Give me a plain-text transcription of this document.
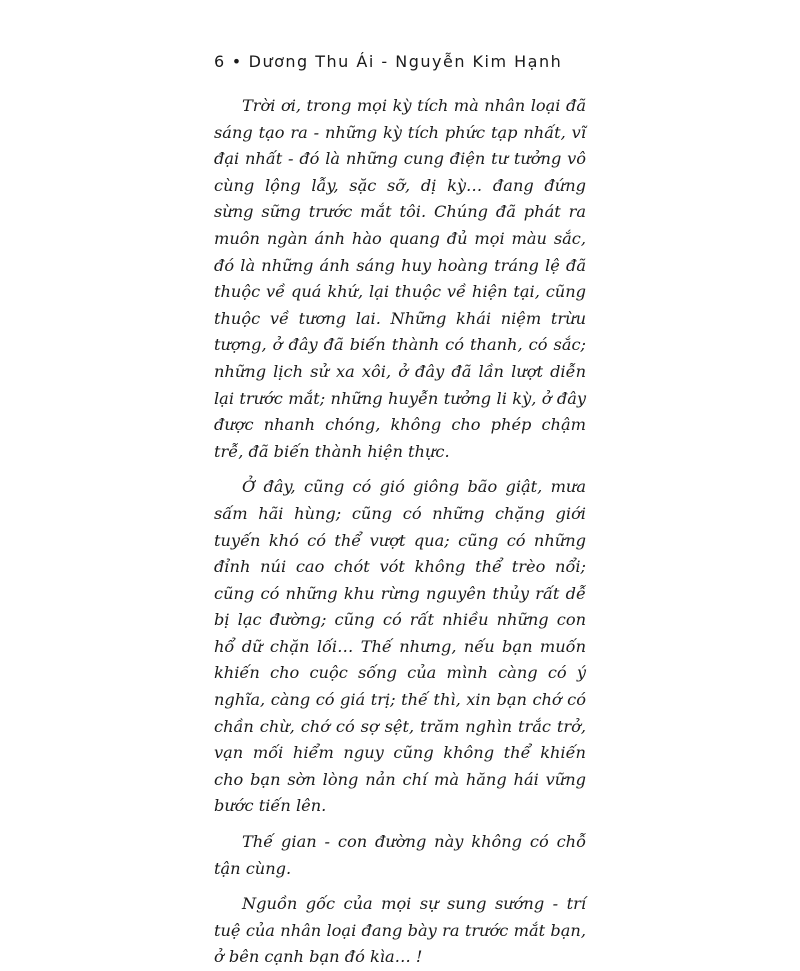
6 • Dương Thu Ái - Nguyễn Kim Hạnh

Trời ơi, trong mọi kỳ tích mà nhân loại đã sáng tạo ra - những kỳ tích phức tạp nhất, vĩ đại nhất - đó là những cung điện tư tưởng vô cùng lộng lẫy, sặc sỡ, dị kỳ… đang đứng sừng sững trước mắt tôi. Chúng đã phát ra muôn ngàn ánh hào quang đủ mọi màu sắc, đó là những ánh sáng huy hoàng tráng lệ đã thuộc về quá khứ, lại thuộc về hiện tại, cũng thuộc về tương lai. Những khái niệm trừu tượng, ở đây đã biến thành có thanh, có sắc; những lịch sử xa xôi, ở đây đã lần lượt diễn lại trước mắt; những huyễn tưởng li kỳ, ở đây được nhanh chóng, không cho phép chậm trễ, đã biến thành hiện thực.

Ở đây, cũng có gió giông bão giật, mưa sấm hãi hùng; cũng có những chặng giới tuyến khó có thể vượt qua; cũng có những đỉnh núi cao chót vót không thể trèo nổi; cũng có những khu rừng nguyên thủy rất dễ bị lạc đường; cũng có rất nhiều những con hổ dữ chặn lối… Thế nhưng, nếu bạn muốn khiến cho cuộc sống của mình càng có ý nghĩa, càng có giá trị; thế thì, xin bạn chớ có chần chừ, chớ có sợ sệt, trăm nghìn trắc trở, vạn mối hiểm nguy cũng không thể khiến cho bạn sờn lòng nản chí mà hăng hái vững bước tiến lên.

Thế gian - con đường này không có chỗ tận cùng.

Nguồn gốc của mọi sự sung sướng - trí tuệ của nhân loại đang bày ra trước mắt bạn, ở bên cạnh bạn đó kìa… !
